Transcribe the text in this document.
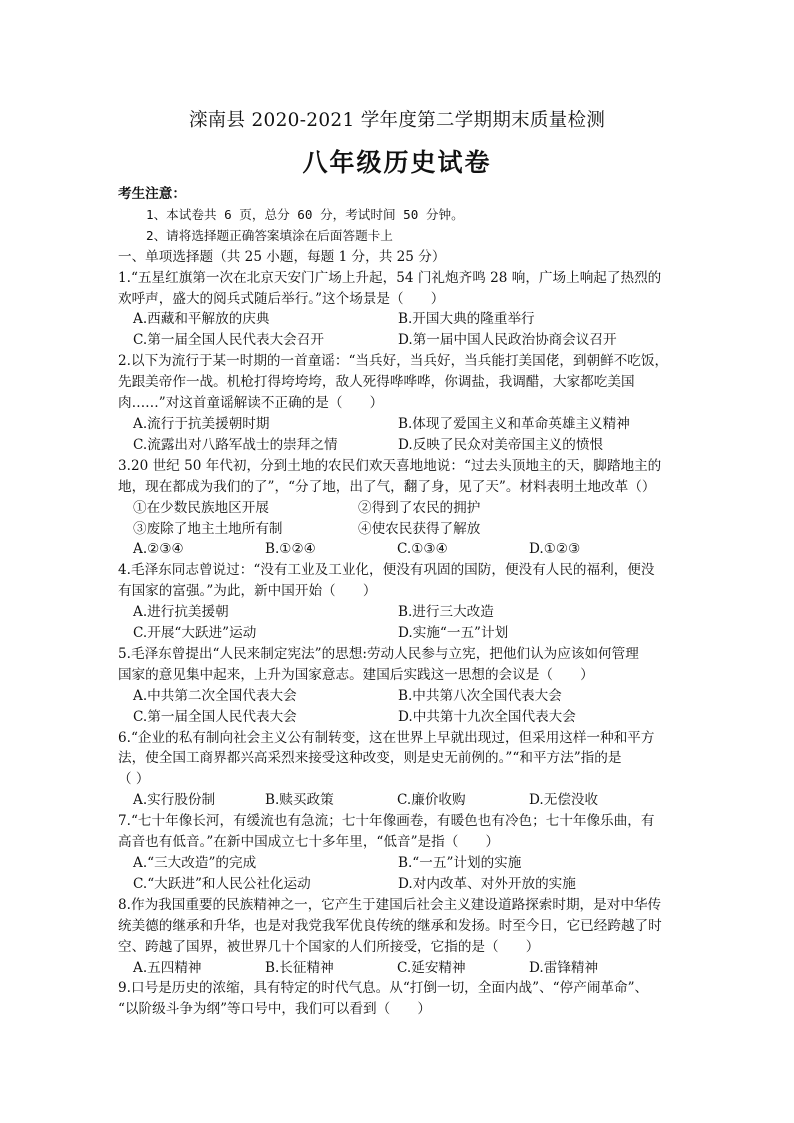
滦南县 2020-2021 学年度第二学期期末质量检测
八年级历史试卷

考生注意：

1、本试卷共 6 页，总分 60 分，考试时间 50 分钟。

2、请将选择题正确答案填涂在后面答题卡上

一、单项选择题（共 25 小题，每题 1 分，共 25 分）

1.“五星红旗第一次在北京天安门广场上升起，54 门礼炮齐鸣 28 响，广场上响起了热烈的

欢呼声，盛大的阅兵式随后举行。”这个场景是（　　）

A.西藏和平解放的庆典	B.开国大典的隆重举行
C.第一届全国人民代表大会召开	D.第一届中国人民政治协商会议召开

2.以下为流行于某一时期的一首童谣：“当兵好，当兵好，当兵能打美国佬，到朝鲜不吃饭，

先跟美帝作一战。机枪打得垮垮垮，敌人死得哗哗哗，你调盐，我调醋，大家都吃美国

肉……”对这首童谣解读不正确的是（　　）

A.流行于抗美援朝时期	B.体现了爱国主义和革命英雄主义精神
C.流露出对八路军战士的崇拜之情	D.反映了民众对美帝国主义的愤恨

3.20 世纪 50 年代初，分到土地的农民们欢天喜地地说：“过去头顶地主的天，脚踏地主的

地，现在都成为我们的了”，“分了地，出了气，翻了身，见了天”。材料表明土地改革（）

①在少数民族地区开展	②得到了农民的拥护
③废除了地主土地所有制	④使农民获得了解放
A.②③④	B.①②④	C.①③④	D.①②③

4.毛泽东同志曾说过：“没有工业及工业化，便没有巩固的国防，便没有人民的福利，便没

有国家的富强。”为此，新中国开始（　　）

A.进行抗美援朝	B.进行三大改造
C.开展“大跃进”运动	D.实施“一五”计划

5.毛泽东曾提出“人民来制定宪法”的思想:劳动人民参与立宪，把他们认为应该如何管理

国家的意见集中起来，上升为国家意志。建国后实践这一思想的会议是（　　）

A.中共第二次全国代表大会	B.中共第八次全国代表大会
C.第一届全国人民代表大会	D.中共第十九次全国代表大会

6.“企业的私有制向社会主义公有制转变，这在世界上早就出现过，但采用这样一种和平方

法，使全国工商界都兴高采烈来接受这种改变，则是史无前例的。”“和平方法”指的是

（ ）

A.实行股份制	B.赎买政策	C.廉价收购	D.无偿没收

7.“七十年像长河，有缓流也有急流；七十年像画卷，有暖色也有冷色；七十年像乐曲，有

高音也有低音。”在新中国成立七十多年里，“低音”是指（　　）

A.“三大改造”的完成	B.“一五”计划的实施
C.“大跃进”和人民公社化运动	D.对内改革、对外开放的实施

8.作为我国重要的民族精神之一，它产生于建国后社会主义建设道路探索时期，是对中华传

统美德的继承和升华，也是对我党我军优良传统的继承和发扬。时至今日，它已经跨越了时

空、跨越了国界，被世界几十个国家的人们所接受，它指的是（　　）

A.五四精神	B.长征精神	C.延安精神	D.雷锋精神

9.口号是历史的浓缩，具有特定的时代气息。从“打倒一切，全面内战”、“停产闹革命”、

“以阶级斗争为纲”等口号中，我们可以看到（　　）
